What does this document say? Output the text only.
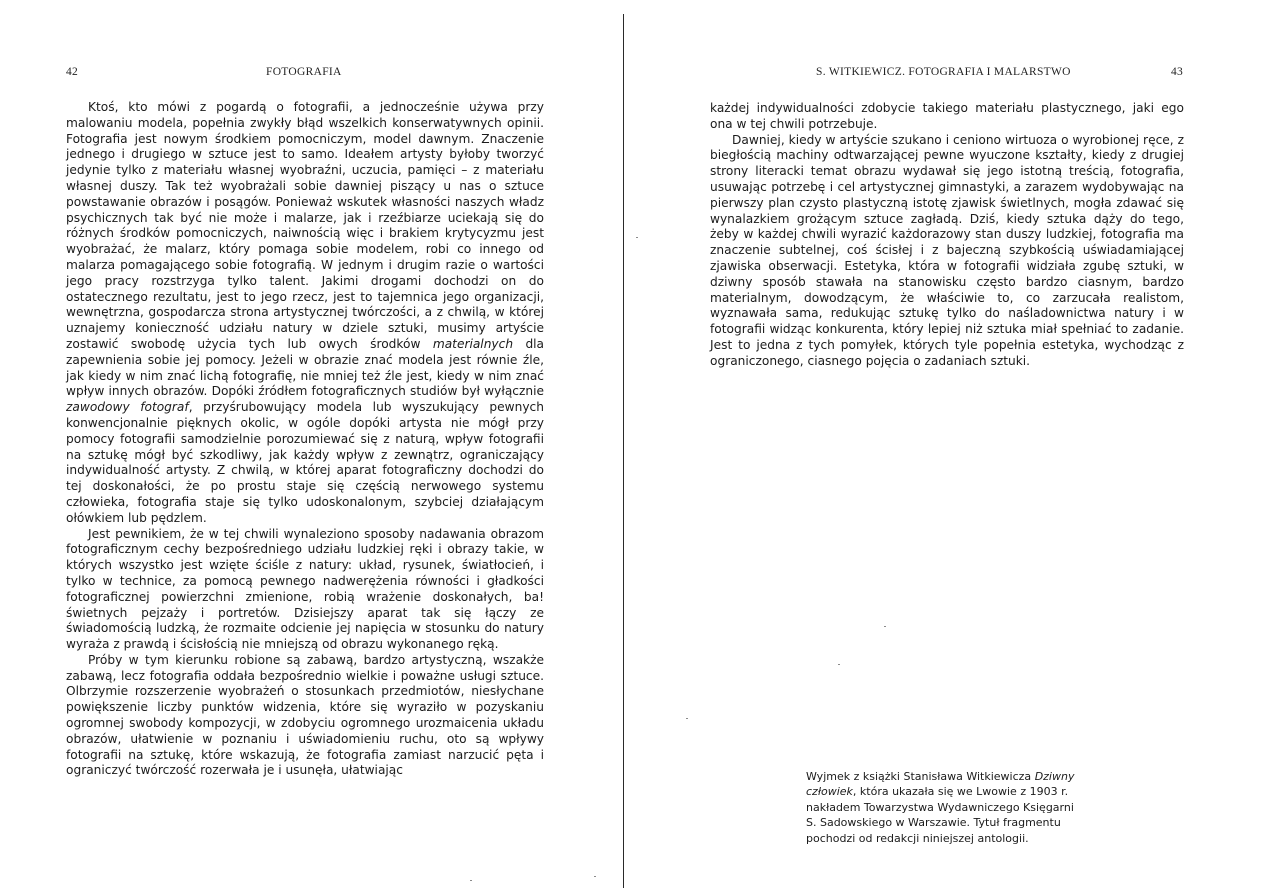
42	FOTOGRAFIA

Ktoś, kto mówi z pogardą o fotografii, a jednocześnie używa przy malowaniu modela, popełnia zwykły błąd wszelkich konserwatywnych opinii. Fotografia jest nowym środkiem pomocniczym, model dawnym. Znaczenie jednego i drugiego w sztuce jest to samo. Ideałem artysty byłoby tworzyć jedynie tylko z materiału własnej wyobraźni, uczucia, pamięci – z materiału własnej duszy. Tak też wyobrażali sobie dawniej piszący u nas o sztuce powstawanie obrazów i posągów. Ponieważ wskutek własności naszych władz psychicznych tak być nie może i malarze, jak i rzeźbiarze uciekają się do różnych środków pomocniczych, naiwnością więc i brakiem krytycyzmu jest wyobrażać, że malarz, który pomaga sobie modelem, robi co innego od malarza pomagającego sobie fotografią. W jednym i drugim razie o wartości jego pracy rozstrzyga tylko talent. Jakimi drogami dochodzi on do ostatecznego rezultatu, jest to jego rzecz, jest to tajemnica jego organizacji, wewnętrzna, gospodarcza strona artystycznej twórczości, a z chwilą, w której uznajemy konieczność udziału natury w dziele sztuki, musimy artyście zostawić swobodę użycia tych lub owych środków materialnych dla zapewnienia sobie jej pomocy. Jeżeli w obrazie znać modela jest równie źle, jak kiedy w nim znać lichą fotografię, nie mniej też źle jest, kiedy w nim znać wpływ innych obrazów. Dopóki źródłem fotograficznych studiów był wyłącznie zawodowy fotograf, przyśrubowujący modela lub wyszukujący pewnych konwencjonalnie pięknych okolic, w ogóle dopóki artysta nie mógł przy pomocy fotografii samodzielnie porozumiewać się z naturą, wpływ fotografii na sztukę mógł być szkodliwy, jak każdy wpływ z zewnątrz, ograniczający indywidualność artysty. Z chwilą, w której aparat fotograficzny dochodzi do tej doskonałości, że po prostu staje się częścią nerwowego systemu człowieka, fotografia staje się tylko udoskonalonym, szybciej działającym ołówkiem lub pędzlem.

Jest pewnikiem, że w tej chwili wynaleziono sposoby nadawania obrazom fotograficznym cechy bezpośredniego udziału ludzkiej ręki i obrazy takie, w których wszystko jest wzięte ściśle z natury: układ, rysunek, światłocień, i tylko w technice, za pomocą pewnego nadwerężenia równości i gładkości fotograficznej powierzchni zmienione, robią wrażenie doskonałych, ba! świetnych pejzaży i portretów. Dzisiejszy aparat tak się łączy ze świadomością ludzką, że rozmaite odcienie jej napięcia w stosunku do natury wyraża z prawdą i ścisłością nie mniejszą od obrazu wykonanego ręką.

Próby w tym kierunku robione są zabawą, bardzo artystyczną, wszakże zabawą, lecz fotografia oddała bezpośrednio wielkie i poważne usługi sztuce. Olbrzymie rozszerzenie wyobrażeń o stosunkach przedmiotów, niesłychane powiększenie liczby punktów widzenia, które się wyraziło w pozyskaniu ogromnej swobody kompozycji, w zdobyciu ogromnego urozmaicenia układu obrazów, ułatwienie w poznaniu i uświadomieniu ruchu, oto są wpływy fotografii na sztukę, które wskazują, że fotografia zamiast narzucić pęta i ograniczyć twórczość rozerwała je i usunęła, ułatwiając

S. WITKIEWICZ. FOTOGRAFIA I MALARSTWO	43

każdej indywidualności zdobycie takiego materiału plastycznego, jaki ego ona w tej chwili potrzebuje.

Dawniej, kiedy w artyście szukano i ceniono wirtuoza o wyrobionej ręce, z biegłością machiny odtwarzającej pewne wyuczone kształty, kiedy z drugiej strony literacki temat obrazu wydawał się jego istotną treścią, fotografia, usuwając potrzebę i cel artystycznej gimnastyki, a zarazem wydobywając na pierwszy plan czysto plastyczną istotę zjawisk świetlnych, mogła zdawać się wynalazkiem grożącym sztuce zagładą. Dziś, kiedy sztuka dąży do tego, żeby w każdej chwili wyrazić każdorazowy stan duszy ludzkiej, fotografia ma znaczenie subtelnej, coś ścisłej i z bajeczną szybkością uświadamiającej zjawiska obserwacji. Estetyka, która w fotografii widziała zgubę sztuki, w dziwny sposób stawała na stanowisku często bardzo ciasnym, bardzo materialnym, dowodzącym, że właściwie to, co zarzucała realistom, wyznawała sama, redukując sztukę tylko do naśladownictwa natury i w fotografii widząc konkurenta, który lepiej niż sztuka miał spełniać to zadanie. Jest to jedna z tych pomyłek, których tyle popełnia estetyka, wychodząc z ograniczonego, ciasnego pojęcia o zadaniach sztuki.

Wyjmek z książki Stanisława Witkiewicza Dziwny człowiek, która ukazała się we Lwowie z 1903 r. nakładem Towarzystwa Wydawniczego Księgarni S. Sadowskiego w Warszawie. Tytuł fragmentu pochodzi od redakcji niniejszej antologii.
